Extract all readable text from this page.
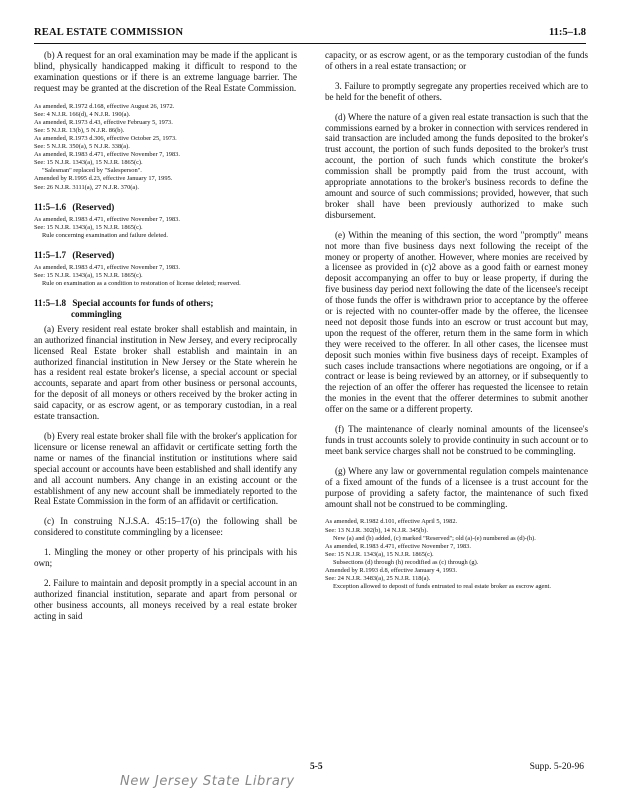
REAL ESTATE COMMISSION	11:5–1.8

(b) A request for an oral examination may be made if the applicant is blind, physically handicapped making it difficult to respond to the examination questions or if there is an extreme language barrier. The request may be granted at the discretion of the Real Estate Commission.

As amended, R.1972 d.168, effective August 26, 1972.
See: 4 N.J.R. 166(d), 4 N.J.R. 190(a).
As amended, R.1973 d.43, effective February 5, 1973.
See: 5 N.J.R. 13(b), 5 N.J.R. 86(b).
As amended, R.1973 d.306, effective October 25, 1973.
See: 5 N.J.R. 350(a), 5 N.J.R. 338(a).
As amended, R.1983 d.471, effective November 7, 1983.
See: 15 N.J.R. 1343(a), 15 N.J.R. 1865(c).
"Salesman" replaced by "Salesperson".
Amended by R.1995 d.23, effective January 17, 1995.
See: 26 N.J.R. 3111(a), 27 N.J.R. 370(a).
11:5–1.6 (Reserved)
As amended, R.1983 d.471, effective November 7, 1983.
See: 15 N.J.R. 1343(a), 15 N.J.R. 1865(c).
Rule concerning examination and failure deleted.
11:5–1.7 (Reserved)
As amended, R.1983 d.471, effective November 7, 1983.
See: 15 N.J.R. 1343(a), 15 N.J.R. 1865(c).
Rule on examination as a condition to restoration of license deleted; reserved.
11:5–1.8 Special accounts for funds of others;
commingling

(a) Every resident real estate broker shall establish and maintain, in an authorized financial institution in New Jersey, and every reciprocally licensed Real Estate broker shall establish and maintain in an authorized financial institution in New Jersey or the State wherein he has a resident real estate broker's license, a special account or special accounts, separate and apart from other business or personal accounts, for the deposit of all moneys or others received by the broker acting in said capacity, or as escrow agent, or as temporary custodian, in a real estate transaction.

(b) Every real estate broker shall file with the broker's application for licensure or license renewal an affidavit or certificate setting forth the name or names of the financial institution or institutions where said special account or accounts have been established and shall identify any and all account numbers. Any change in an existing account or the establishment of any new account shall be immediately reported to the Real Estate Commission in the form of an affidavit or certification.

(c) In construing N.J.S.A. 45:15–17(o) the following shall be considered to constitute commingling by a licensee:

1. Mingling the money or other property of his principals with his own;

2. Failure to maintain and deposit promptly in a special account in an authorized financial institution, separate and apart from personal or other business accounts, all moneys received by a real estate broker acting in said

capacity, or as escrow agent, or as the temporary custodian of the funds of others in a real estate transaction; or

3. Failure to promptly segregate any properties received which are to be held for the benefit of others.

(d) Where the nature of a given real estate transaction is such that the commissions earned by a broker in connection with services rendered in said transaction are included among the funds deposited to the broker's trust account, the portion of such funds deposited to the broker's trust account, the portion of such funds which constitute the broker's commission shall be promptly paid from the trust account, with appropriate annotations to the broker's business records to define the amount and source of such commissions; provided, however, that such broker shall have been previously authorized to make such disbursement.

(e) Within the meaning of this section, the word "promptly" means not more than five business days next following the receipt of the money or property of another. However, where monies are received by a licensee as provided in (c)2 above as a good faith or earnest money deposit accompanying an offer to buy or lease property, if during the five business day period next following the date of the licensee's receipt of those funds the offer is withdrawn prior to acceptance by the offeree or is rejected with no counter-offer made by the offeree, the licensee need not deposit those funds into an escrow or trust account but may, upon the request of the offerer, return them in the same form in which they were received to the offerer. In all other cases, the licensee must deposit such monies within five business days of receipt. Examples of such cases include transactions where negotiations are ongoing, or if a contract or lease is being reviewed by an attorney, or if subsequently to the rejection of an offer the offerer has requested the licensee to retain the monies in the event that the offerer determines to submit another offer on the same or a different property.

(f) The maintenance of clearly nominal amounts of the licensee's funds in trust accounts solely to provide continuity in such account or to meet bank service charges shall not be construed to be commingling.

(g) Where any law or governmental regulation compels maintenance of a fixed amount of the funds of a licensee is a trust account for the purpose of providing a safety factor, the maintenance of such fixed amount shall not be construed to be commingling.

As amended, R.1982 d.101, effective April 5, 1982.
See: 13 N.J.R. 302(b), 14 N.J.R. 345(b).
New (a) and (b) added, (c) marked "Reserved"; old (a)-(e) numbered as (d)-(h).
As amended, R.1983 d.471, effective November 7, 1983.
See: 15 N.J.R. 1343(a), 15 N.J.R. 1865(c).
Subsections (d) through (h) recodified as (c) through (g).
Amended by R.1993 d.8, effective January 4, 1993.
See: 24 N.J.R. 3483(a), 25 N.J.R. 118(a).
Exception allowed to deposit of funds entrusted to real estate broker as escrow agent.
5-5	Supp. 5-20-96
New Jersey State Library
